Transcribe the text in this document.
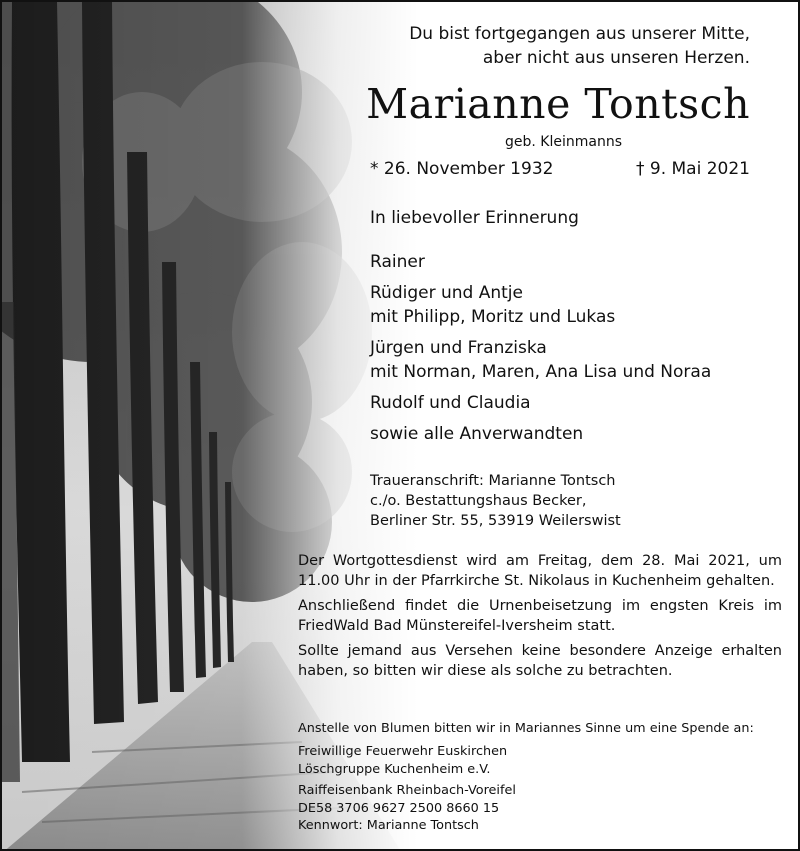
Du bist fortgegangen aus unserer Mitte,
aber nicht aus unseren Herzen.
Marianne Tontsch
geb. Kleinmanns
* 26. November 1932	† 9. Mai 2021
In liebevoller Erinnerung
Rainer
Rüdiger und Antje
mit Philipp, Moritz und Lukas
Jürgen und Franziska
mit Norman, Maren, Ana Lisa und Noraa
Rudolf und Claudia
sowie alle Anverwandten
Traueranschrift: Marianne Tontsch
c./o. Bestattungshaus Becker,
Berliner Str. 55, 53919 Weilerswist

Der Wortgottesdienst wird am Freitag, dem 28. Mai 2021, um 11.00 Uhr in der Pfarrkirche St. Nikolaus in Kuchenheim gehalten.

Anschließend findet die Urnenbeisetzung im engsten Kreis im FriedWald Bad Münstereifel-Iversheim statt.

Sollte jemand aus Versehen keine besondere Anzeige erhalten haben, so bitten wir diese als solche zu betrachten.

Anstelle von Blumen bitten wir in Mariannes Sinne um eine Spende an:
Freiwillige Feuerwehr Euskirchen
Löschgruppe Kuchenheim e.V.
Raiffeisenbank Rheinbach-Voreifel
DE58 3706 9627 2500 8660 15
Kennwort: Marianne Tontsch
